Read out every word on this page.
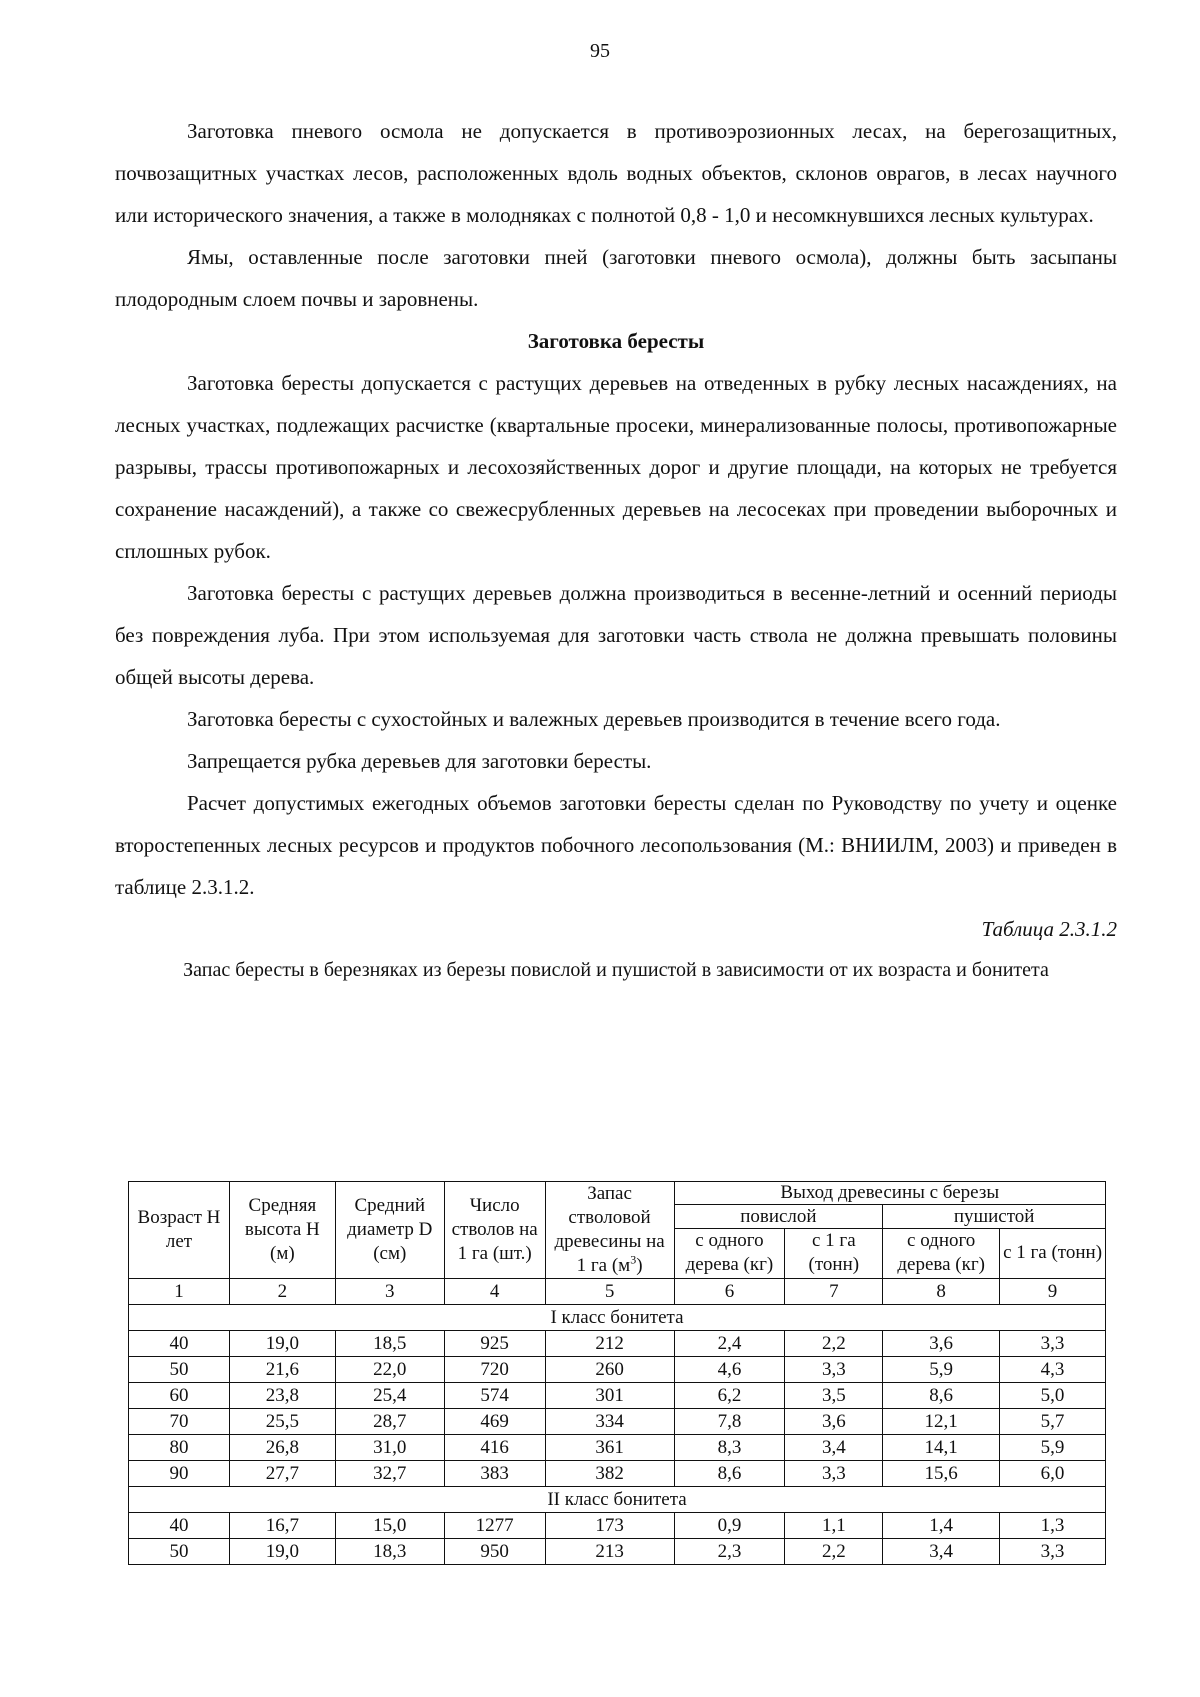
95

Заготовка пневого осмола не допускается в противоэрозионных лесах, на берегозащитных, почвозащитных участках лесов, расположенных вдоль водных объектов, склонов оврагов, в лесах научного или исторического значения, а также в молодняках с полнотой 0,8 - 1,0 и несомкнувшихся лесных культурах.

Ямы, оставленные после заготовки пней (заготовки пневого осмола), должны быть засыпаны плодородным слоем почвы и заровнены.

Заготовка бересты

Заготовка бересты допускается с растущих деревьев на отведенных в рубку лесных насаждениях, на лесных участках, подлежащих расчистке (квартальные просеки, минерализованные полосы, противопожарные разрывы, трассы противопожарных и лесохозяйственных дорог и другие площади, на которых не требуется сохранение насаждений), а также со свежесрубленных деревьев на лесосеках при проведении выборочных и сплошных рубок.

Заготовка бересты с растущих деревьев должна производиться в весенне-летний и осенний периоды без повреждения луба. При этом используемая для заготовки часть ствола не должна превышать половины общей высоты дерева.

Заготовка бересты с сухостойных и валежных деревьев производится в течение всего года.

Запрещается рубка деревьев для заготовки бересты.

Расчет допустимых ежегодных объемов заготовки бересты сделан по Руководству по учету и оценке второстепенных лесных ресурсов и продуктов побочного лесопользования (М.: ВНИИЛМ, 2003) и приведен в таблице 2.3.1.2.

Таблица 2.3.1.2

Запас бересты в березняках из березы повислой и пушистой в зависимости от их возраста и бонитета

Возраст Н лет	Средняя высота Н (м)	Средний диаметр D (см)	Число стволов на 1 га (шт.)	Запас стволовой древесины на 1 га $(м^3)$	Выход древесины с березы			
					повислой		пушистой	
					с одного дерева (кг)	с 1 га (тонн)	с одного дерева (кг)	с 1 га (тонн)
1	2	3	4	5	6	7	8	9
I класс бонитета								
40	19,0	18,5	925	212	2,4	2,2	3,6	3,3
50	21,6	22,0	720	260	4,6	3,3	5,9	4,3
60	23,8	25,4	574	301	6,2	3,5	8,6	5,0
70	25,5	28,7	469	334	7,8	3,6	12,1	5,7
80	26,8	31,0	416	361	8,3	3,4	14,1	5,9
90	27,7	32,7	383	382	8,6	3,3	15,6	6,0
II класс бонитета								
40	16,7	15,0	1277	173	0,9	1,1	1,4	1,3
50	19,0	18,3	950	213	2,3	2,2	3,4	3,3
